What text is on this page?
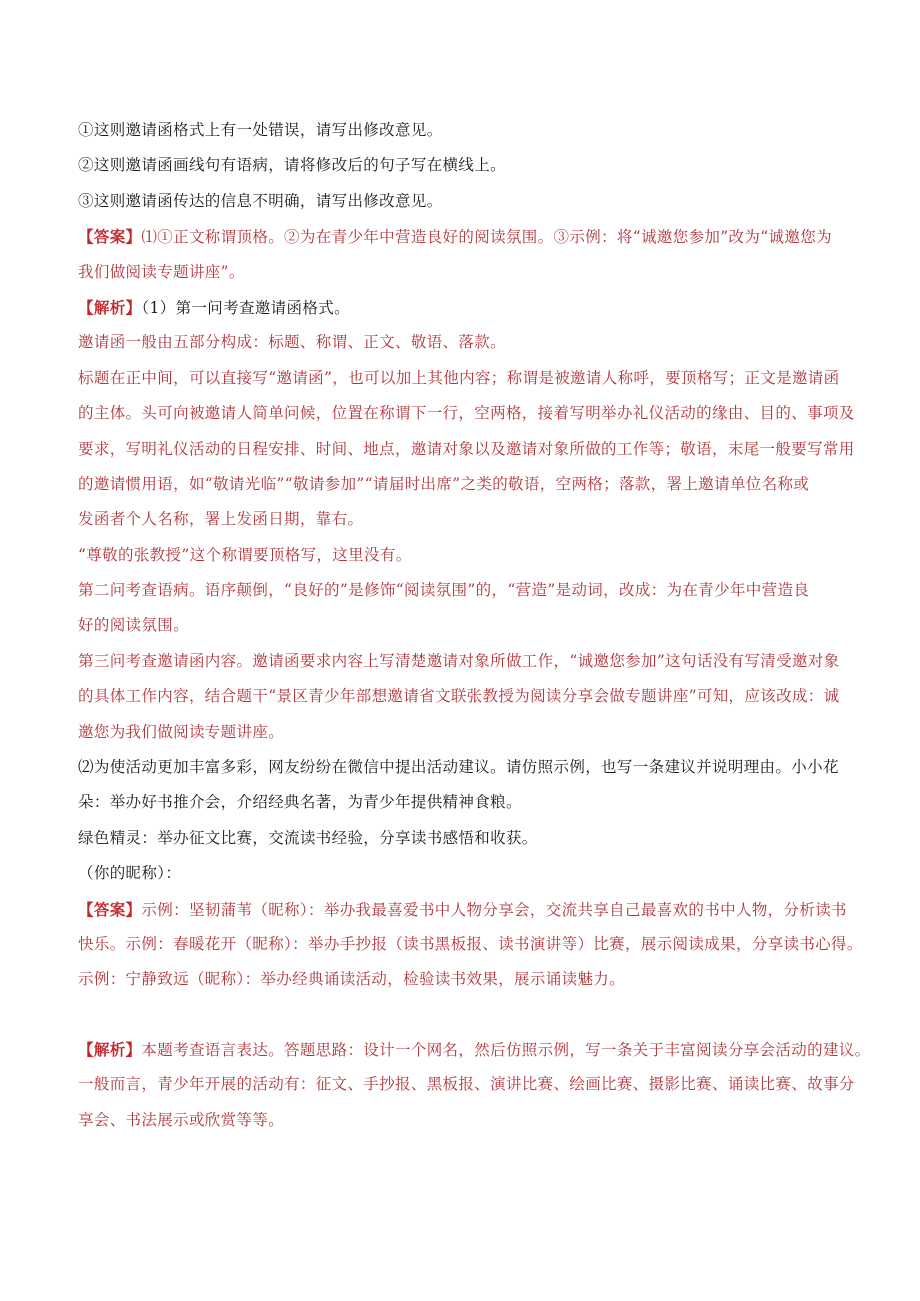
①这则邀请函格式上有一处错误，请写出修改意见。
②这则邀请函画线句有语病，请将修改后的句子写在横线上。
③这则邀请函传达的信息不明确，请写出修改意见。
【答案】⑴①正文称谓顶格。②为在青少年中营造良好的阅读氛围。③示例：将“诚邀您参加”改为“诚邀您为
我们做阅读专题讲座”。
【解析】（1）第一问考查邀请函格式。
邀请函一般由五部分构成：标题、称谓、正文、敬语、落款。
标题在正中间，可以直接写“邀请函”，也可以加上其他内容；称谓是被邀请人称呼，要顶格写；正文是邀请函
的主体。头可向被邀请人简单问候，位置在称谓下一行，空两格，接着写明举办礼仪活动的缘由、目的、事项及
要求，写明礼仪活动的日程安排、时间、地点，邀请对象以及邀请对象所做的工作等；敬语，末尾一般要写常用
的邀请惯用语，如“敬请光临”“敬请参加”“请届时出席”之类的敬语，空两格；落款，署上邀请单位名称或
发函者个人名称，署上发函日期，靠右。
“尊敬的张教授”这个称谓要顶格写，这里没有。
第二问考查语病。语序颠倒，“良好的”是修饰“阅读氛围”的，“营造”是动词，改成：为在青少年中营造良
好的阅读氛围。
第三问考查邀请函内容。邀请函要求内容上写清楚邀请对象所做工作，“诚邀您参加”这句话没有写清受邀对象
的具体工作内容，结合题干“景区青少年部想邀请省文联张教授为阅读分享会做专题讲座”可知，应该改成：诚
邀您为我们做阅读专题讲座。
⑵为使活动更加丰富多彩，网友纷纷在微信中提出活动建议。请仿照示例，也写一条建议并说明理由。小小花
朵：举办好书推介会，介绍经典名著，为青少年提供精神食粮。
绿色精灵：举办征文比赛，交流读书经验，分享读书感悟和收获。
（你的昵称）：
【答案】示例：坚韧蒲苇（昵称）：举办我最喜爱书中人物分享会，交流共享自己最喜欢的书中人物，分析读书
快乐。示例：春暖花开（昵称）：举办手抄报（读书黑板报、读书演讲等）比赛，展示阅读成果，分享读书心得。
示例：宁静致远（昵称）：举办经典诵读活动，检验读书效果，展示诵读魅力。
【解析】本题考查语言表达。答题思路：设计一个网名，然后仿照示例，写一条关于丰富阅读分享会活动的建议。
一般而言，青少年开展的活动有：征文、手抄报、黑板报、演讲比赛、绘画比赛、摄影比赛、诵读比赛、故事分
享会、书法展示或欣赏等等。
